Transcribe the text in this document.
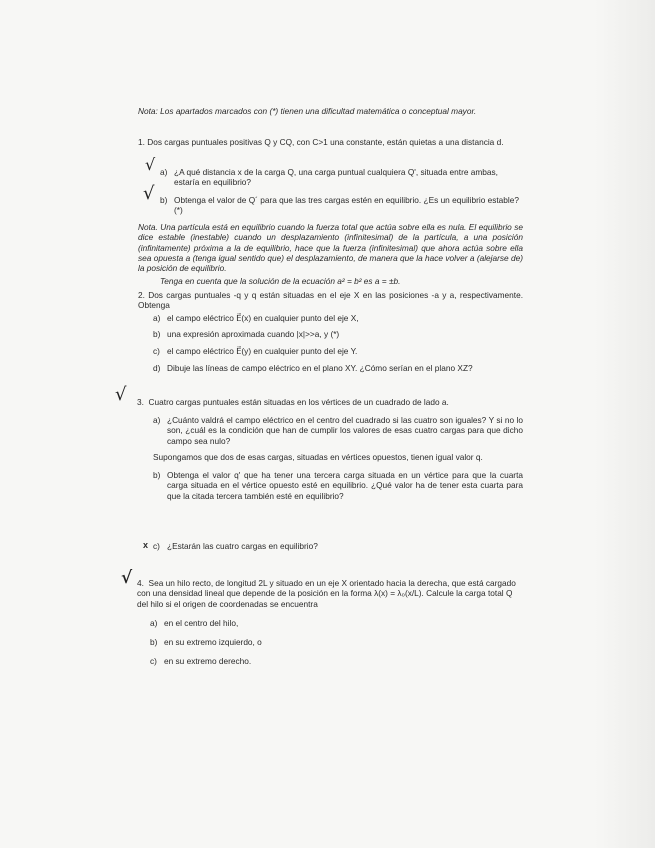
Nota: Los apartados marcados con (*) tienen una dificultad matemática o conceptual mayor.
1. Dos cargas puntuales positivas Q y CQ, con C>1 una constante, están quietas a una distancia d.
√ a) ¿A qué distancia x de la carga Q, una carga puntual cualquiera Q', situada entre ambas, estaría en equilibrio?
√ b) Obtenga el valor de Q´ para que las tres cargas estén en equilibrio. ¿Es un equilibrio estable? (*)
Nota. Una partícula está en equilibrio cuando la fuerza total que actúa sobre ella es nula. El equilibrio se dice estable (inestable) cuando un desplazamiento (infinitesimal) de la partícula, a una posición (infinitamente) próxima a la de equilibrio, hace que la fuerza (infinitesimal) que ahora actúa sobre ella sea opuesta a (tenga igual sentido que) el desplazamiento, de manera que la hace volver a (alejarse de) la posición de equilibrio.
Tenga en cuenta que la solución de la ecuación a² = b² es a = ±b.
2. Dos cargas puntuales -q y q están situadas en el eje X en las posiciones -a y a, respectivamente. Obtenga
a) el campo eléctrico E⃗(x) en cualquier punto del eje X,
b) una expresión aproximada cuando |x|>>a, y (*)
c) el campo eléctrico E⃗(y) en cualquier punto del eje Y.
d) Dibuje las líneas de campo eléctrico en el plano XY. ¿Cómo serían en el plano XZ?
√ 3. Cuatro cargas puntuales están situadas en los vértices de un cuadrado de lado a.
a) ¿Cuánto valdrá el campo eléctrico en el centro del cuadrado si las cuatro son iguales? Y si no lo son, ¿cuál es la condición que han de cumplir los valores de esas cuatro cargas para que dicho campo sea nulo?
Supongamos que dos de esas cargas, situadas en vértices opuestos, tienen igual valor q.
b) Obtenga el valor q' que ha tener una tercera carga situada en un vértice para que la cuarta carga situada en el vértice opuesto esté en equilibrio. ¿Qué valor ha de tener esta cuarta para que la citada tercera también esté en equilibrio?
x c) ¿Estarán las cuatro cargas en equilibrio?
√ 4. Sea un hilo recto, de longitud 2L y situado en un eje X orientado hacia la derecha, que está cargado con una densidad lineal que depende de la posición en la forma λ(x) = λ₀(x/L). Calcule la carga total Q del hilo si el origen de coordenadas se encuentra
a) en el centro del hilo,
b) en su extremo izquierdo, o
c) en su extremo derecho.
